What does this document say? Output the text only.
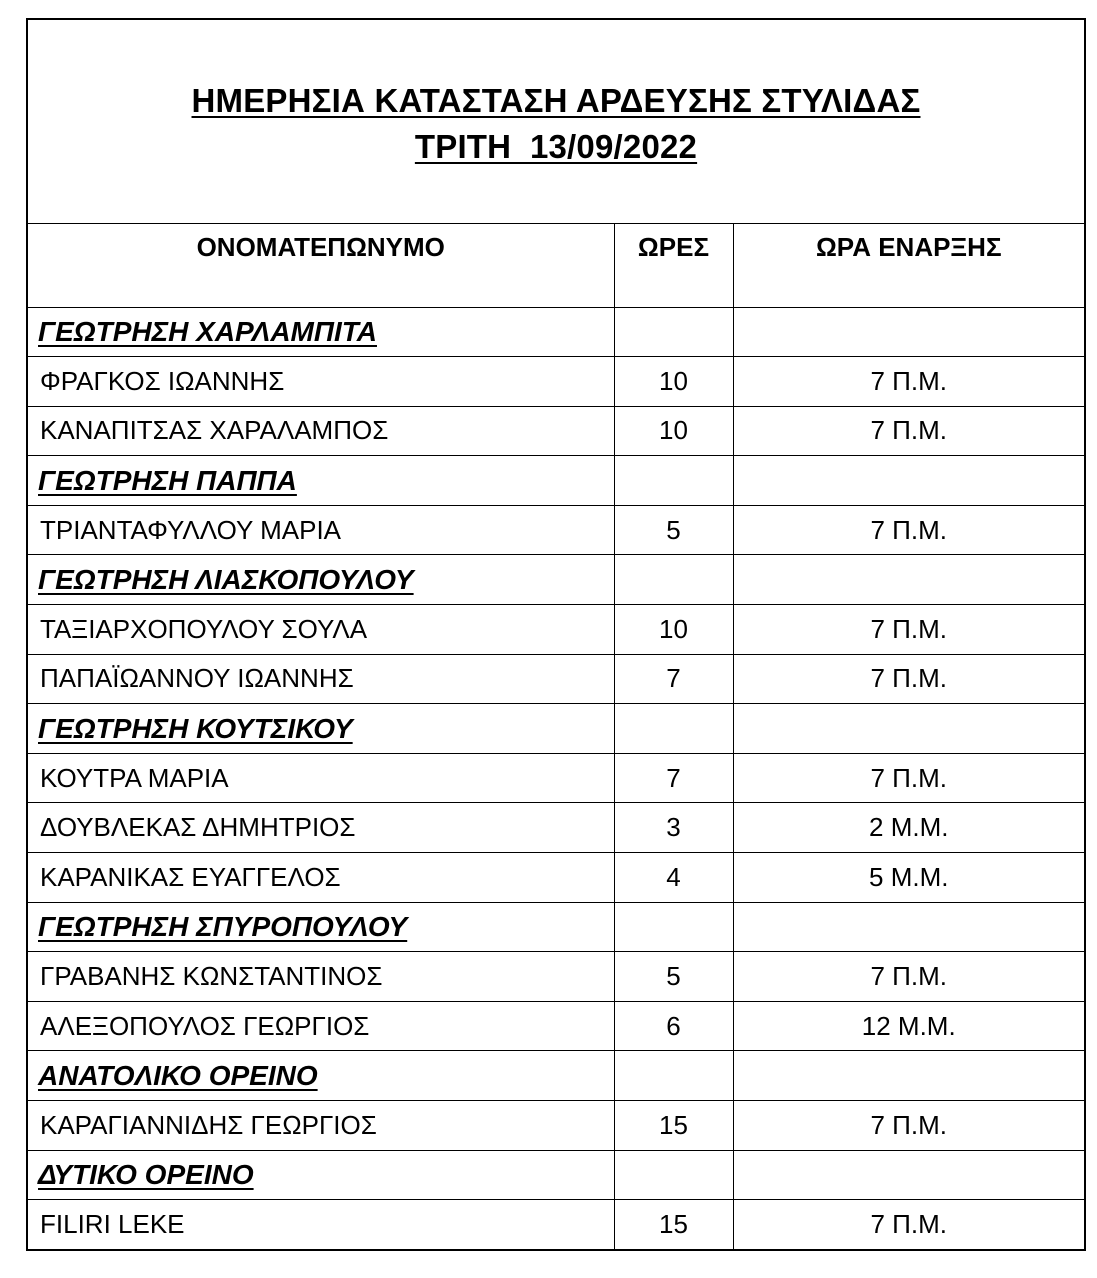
ΗΜΕΡΗΣΙΑ ΚΑΤΑΣΤΑΣΗ ΑΡΔΕΥΣΗΣ ΣΤΥΛΙΔΑΣ
ΤΡΙΤΗ  13/09/2022
ΟΝΟΜΑΤΕΠΩΝΥΜΟ	ΩΡΕΣ	ΩΡΑ ΕΝΑΡΞΗΣ
ΓΕΩΤΡΗΣΗ ΧΑΡΛΑΜΠΙΤΑ		
ΦΡΑΓΚΟΣ ΙΩΑΝΝΗΣ	10	7 Π.Μ.
ΚΑΝΑΠΙΤΣΑΣ ΧΑΡΑΛΑΜΠΟΣ	10	7 Π.Μ.
ΓΕΩΤΡΗΣΗ ΠΑΠΠΑ		
ΤΡΙΑΝΤΑΦΥΛΛΟΥ ΜΑΡΙΑ	5	7 Π.Μ.
ΓΕΩΤΡΗΣΗ ΛΙΑΣΚΟΠΟΥΛΟΥ		
ΤΑΞΙΑΡΧΟΠΟΥΛΟΥ ΣΟΥΛΑ	10	7 Π.Μ.
ΠΑΠΑΪΩΑΝΝΟΥ ΙΩΑΝΝΗΣ	7	7 Π.Μ.
ΓΕΩΤΡΗΣΗ ΚΟΥΤΣΙΚΟΥ		
ΚΟΥΤΡΑ ΜΑΡΙΑ	7	7 Π.Μ.
ΔΟΥΒΛΕΚΑΣ ΔΗΜΗΤΡΙΟΣ	3	2 Μ.Μ.
ΚΑΡΑΝΙΚΑΣ ΕΥΑΓΓΕΛΟΣ	4	5 Μ.Μ.
ΓΕΩΤΡΗΣΗ ΣΠΥΡΟΠΟΥΛΟΥ		
ΓΡΑΒΑΝΗΣ ΚΩΝΣΤΑΝΤΙΝΟΣ	5	7 Π.Μ.
ΑΛΕΞΟΠΟΥΛΟΣ ΓΕΩΡΓΙΟΣ	6	12 Μ.Μ.
ΑΝΑΤΟΛΙΚΟ ΟΡΕΙΝΟ		
ΚΑΡΑΓΙΑΝΝΙΔΗΣ ΓΕΩΡΓΙΟΣ	15	7 Π.Μ.
ΔΥΤΙΚΟ ΟΡΕΙΝΟ		
FILIRI LEKE	15	7 Π.Μ.
